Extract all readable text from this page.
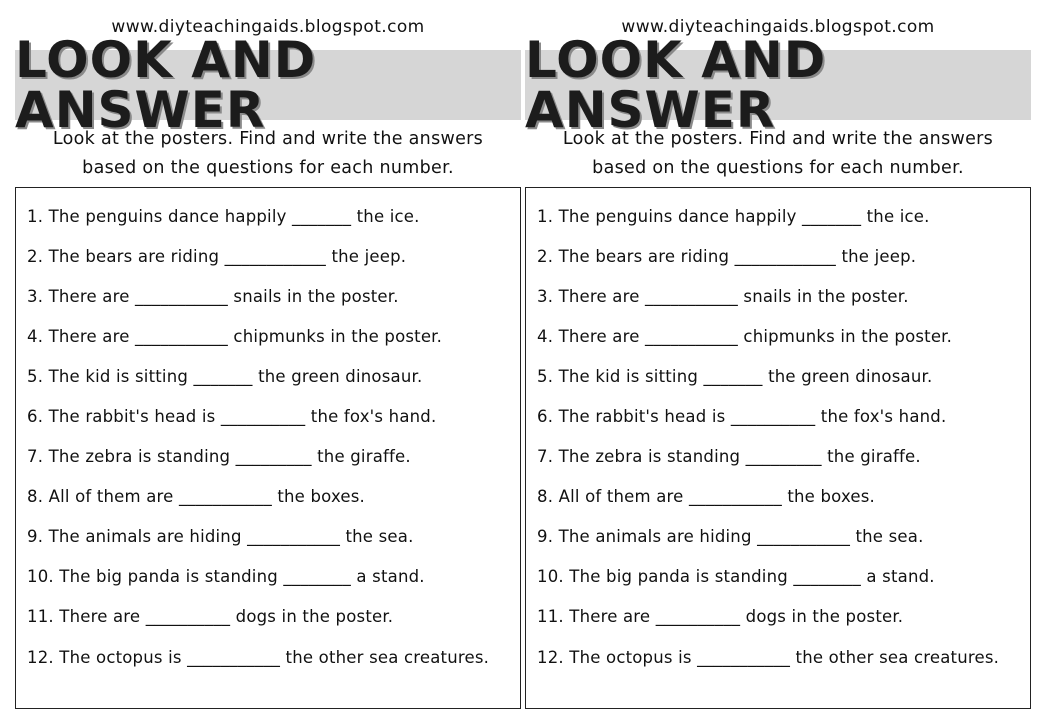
www.diyteachingaids.blogspot.com
LOOK AND ANSWER
Look at the posters. Find and write the answers
based on the questions for each number.
1. The penguins dance happily _______ the ice.
2. The bears are riding ____________ the jeep.
3. There are ___________ snails in the poster.
4. There are ___________ chipmunks in the poster.
5. The kid is sitting _______ the green dinosaur.
6. The rabbit's head is __________ the fox's hand.
7. The zebra is standing _________ the giraffe.
8. All of them are ___________ the boxes.
9. The animals are hiding ___________ the sea.
10. The big panda is standing ________ a stand.
11. There are __________ dogs in the poster.
12. The octopus is ___________ the other sea creatures.
www.diyteachingaids.blogspot.com
LOOK AND ANSWER
Look at the posters. Find and write the answers
based on the questions for each number.
1. The penguins dance happily _______ the ice.
2. The bears are riding ____________ the jeep.
3. There are ___________ snails in the poster.
4. There are ___________ chipmunks in the poster.
5. The kid is sitting _______ the green dinosaur.
6. The rabbit's head is __________ the fox's hand.
7. The zebra is standing _________ the giraffe.
8. All of them are ___________ the boxes.
9. The animals are hiding ___________ the sea.
10. The big panda is standing ________ a stand.
11. There are __________ dogs in the poster.
12. The octopus is ___________ the other sea creatures.
